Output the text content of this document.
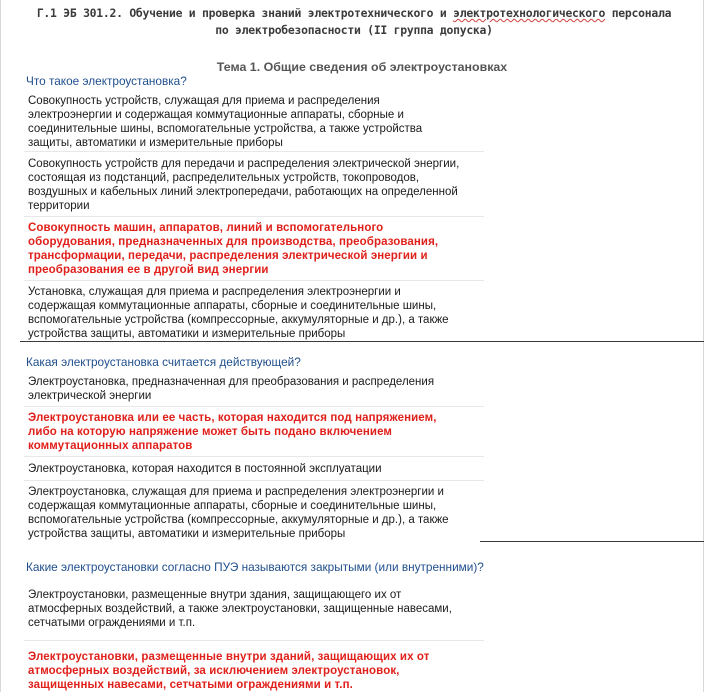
Г.1 ЭБ 301.2. Обучение и проверка знаний электротехнического и электротехнологического персонала
по электробезопасности (II группа допуска)
Тема 1. Общие сведения об электроустановках
Что такое электроустановка?
Совокупность устройств, служащая для приема и распределения
электроэнергии и содержащая коммутационные аппараты, сборные и
соединительные шины, вспомогательные устройства, а также устройства
защиты, автоматики и измерительные приборы
Совокупность устройств для передачи и распределения электрической энергии,
состоящая из подстанций, распределительных устройств, токопроводов,
воздушных и кабельных линий электропередачи, работающих на определенной
территории
Совокупность машин, аппаратов, линий и вспомогательного
оборудования, предназначенных для производства, преобразования,
трансформации, передачи, распределения электрической энергии и
преобразования ее в другой вид энергии
Установка, служащая для приема и распределения электроэнергии и
содержащая коммутационные аппараты, сборные и соединительные шины,
вспомогательные устройства (компрессорные, аккумуляторные и др.), а также
устройства защиты, автоматики и измерительные приборы
Какая электроустановка считается действующей?
Электроустановка, предназначенная для преобразования и распределения
электрической энергии
Электроустановка или ее часть, которая находится под напряжением,
либо на которую напряжение может быть подано включением
коммутационных аппаратов
Электроустановка, которая находится в постоянной эксплуатации
Электроустановка, служащая для приема и распределения электроэнергии и
содержащая коммутационные аппараты, сборные и соединительные шины,
вспомогательные устройства (компрессорные, аккумуляторные и др.), а также
устройства защиты, автоматики и измерительные приборы
Какие электроустановки согласно ПУЭ называются закрытыми (или внутренними)?
Электроустановки, размещенные внутри здания, защищающего их от
атмосферных воздействий, а также электроустановки, защищенные навесами,
сетчатыми ограждениями и т.п.
Электроустановки, размещенные внутри зданий, защищающих их от
атмосферных воздействий, за исключением электроустановок,
защищенных навесами, сетчатыми ограждениями и т.п.
